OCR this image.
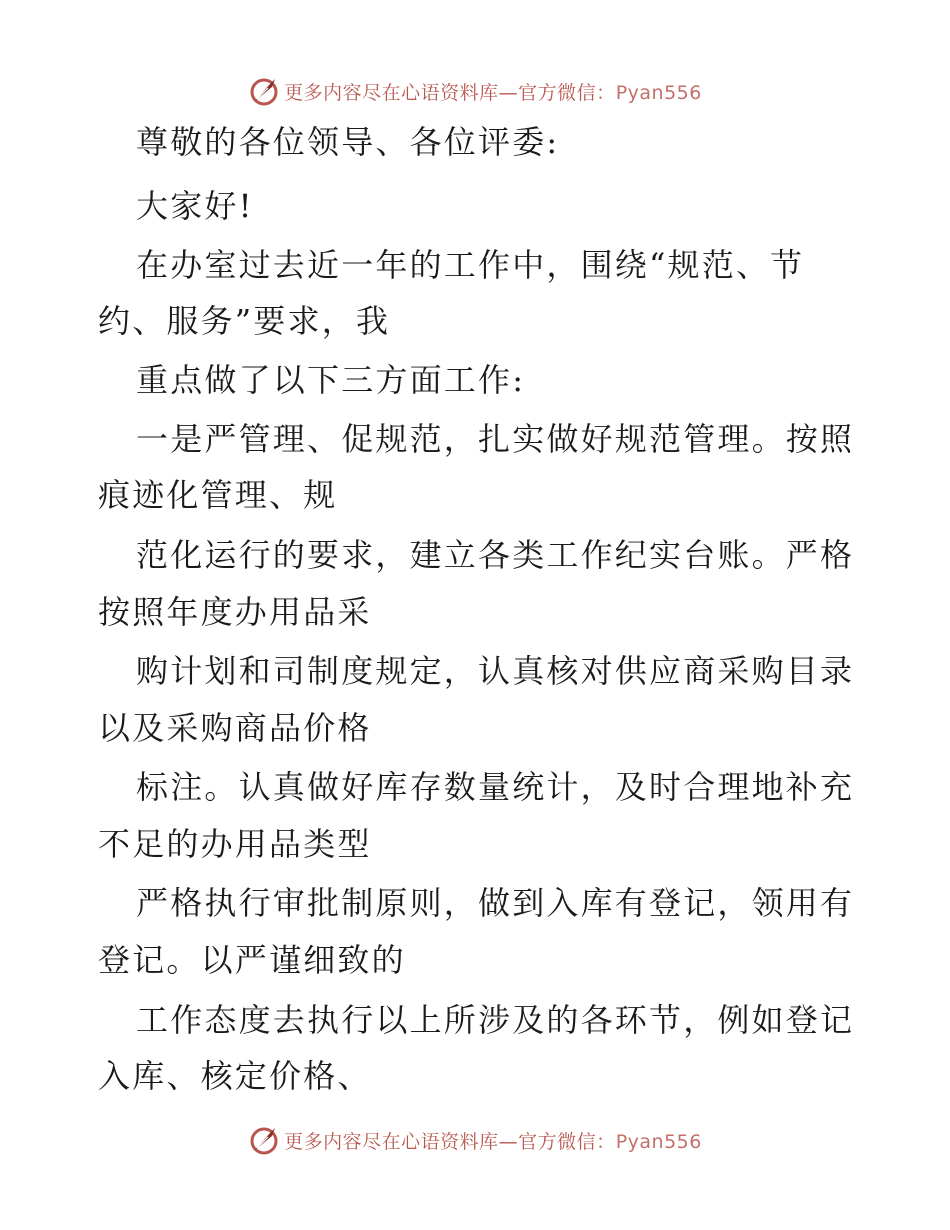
更多内容尽在心语资料库—官方微信：Pyan556
尊敬的各位领导、各位评委:
大家好!
在办室过去近一年的工作中，围绕“规范、节
约、服务”要求，我
重点做了以下三方面工作:
一是严管理、促规范，扎实做好规范管理。按照
痕迹化管理、规
范化运行的要求，建立各类工作纪实台账。严格
按照年度办用品采
购计划和司制度规定，认真核对供应商采购目录
以及采购商品价格
标注。认真做好库存数量统计，及时合理地补充
不足的办用品类型
严格执行审批制原则，做到入库有登记，领用有
登记。以严谨细致的
工作态度去执行以上所涉及的各环节，例如登记
入库、核定价格、
更多内容尽在心语资料库—官方微信：Pyan556
